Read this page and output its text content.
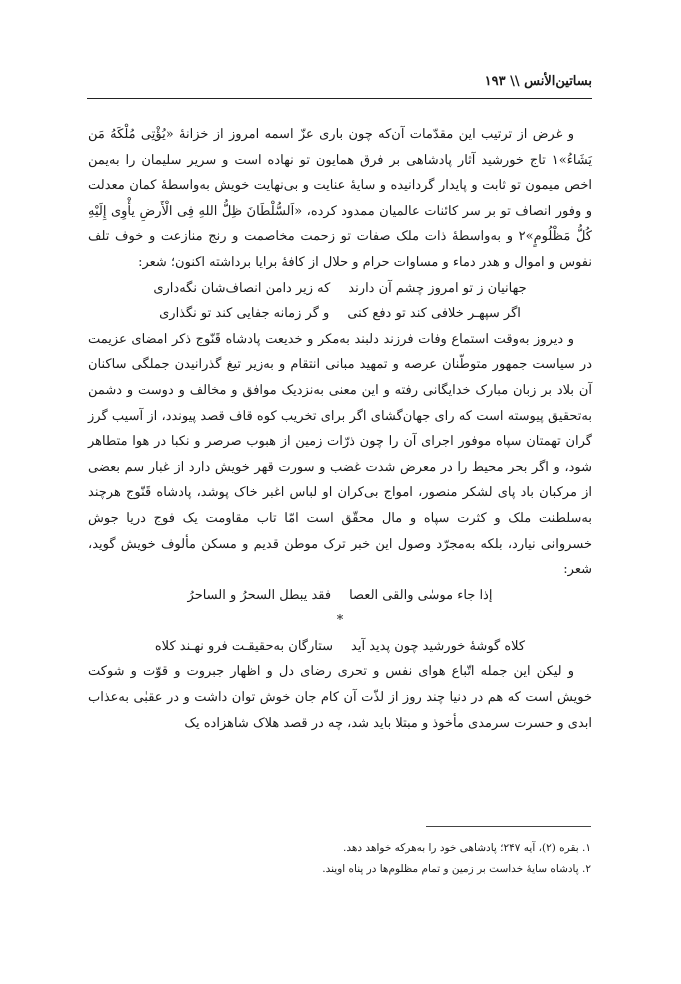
بساتین‌الأنس \\ ۱۹۳

و غرض از ترتیب این مقدّمات آن‌که چون باری عزّ اسمه امروز از خزانهٔ «یُؤْتِی مُلْکَهُ مَن یَشَاءُ»۱ تاج خورشید آثار پادشاهی بر فرق همایون تو نهاده است و سریر سلیمان را به‌یمن اخص میمون تو ثابت و پایدار گردانیده و سایهٔ عنایت و بی‌نهایت خویش به‌واسطهٔ کمان معدلت و وفور انصاف تو بر سر کائنات عالمیان ممدود کرده، «اَلسُّلْطَانَ ظِلُّ اللهِ فِی الْأَرضِ یأْوِی إِلَیْهِ کُلُّ مَظْلُومٍ»۲ و به‌واسطهٔ ذات ملک صفات تو زحمت مخاصمت و رنج منازعت و خوف تلف نفوس و اموال و هدر دماء و مساوات حرام و حلال از کافهٔ برایا برداشته اکنون؛ شعر:

جهانیان ز تو امروز چشم آن دارندکه زیر دامن انصاف‌شان نگه‌داری

اگر سپهـر خلافی کند تو دفع کنیو گر زمانه جفایی کند تو نگذاری

و دیروز به‌وقت استماع وفات فرزند دلبند به‌مکر و خدیعت پادشاه قَنّوج ذکر امضای عزیمت در سیاست جمهور متوطّنان عرصه و تمهید مبانی انتقام و به‌زیر تیغ گذرانیدن جملگی ساکنان آن بلاد بر زبان مبارک خدایگانی رفته و این معنی به‌نزدیک موافق و مخالف و دوست و دشمن به‌تحقیق پیوسته است که رای جهان‌گشای اگر برای تخریب کوه قاف قصد پیوندد، از آسیب گرز گران تهمتان سپاه موفور اجرای آن را چون ذرّات زمین از هبوب صرصر و نکبا در هوا متطاهر شود، و اگر بحر محیط را در معرض شدت غضب و سورت قهر خویش دارد از غبار سم بعضی از مرکبان باد پای لشکر منصور، امواج بی‌کران او لباس اغبر خاک پوشد، پادشاه قَنّوج هرچند به‌سلطنت ملک و کثرت سپاه و مال محقّق است امّا تاب مقاومت یک فوج دریا جوش خسروانی نیارد، بلکه به‌مجرّد وصول این خبر ترک موطن قدیم و مسکن مألوف خویش گوید، شعر:

إذا جاء موسٰی والقی العصافقد یبطل السحرُ و الساحرُ

*

کلاه گوشهٔ خورشید چون پدید آیدستارگان به‌حقیقـت فرو نهـند کلاه

و لیکن این جمله اتّباع هوای نفس و تحری رضای دل و اظهار جبروت و قوّت و شوکت خویش است که هم در دنیا چند روز از لذّت آن کام جان خوش توان داشت و در عقبٰی به‌عذاب ابدی و حسرت سرمدی مأخوذ و مبتلا باید شد، چه در قصد هلاک شاهزاده یک

۱. بقره (۲)، آیه ۲۴۷؛ پادشاهی خود را به‌هرکه خواهد دهد.

۲. پادشاه سایهٔ خداست بر زمین و تمام مظلوم‌ها در پناه اویند.
